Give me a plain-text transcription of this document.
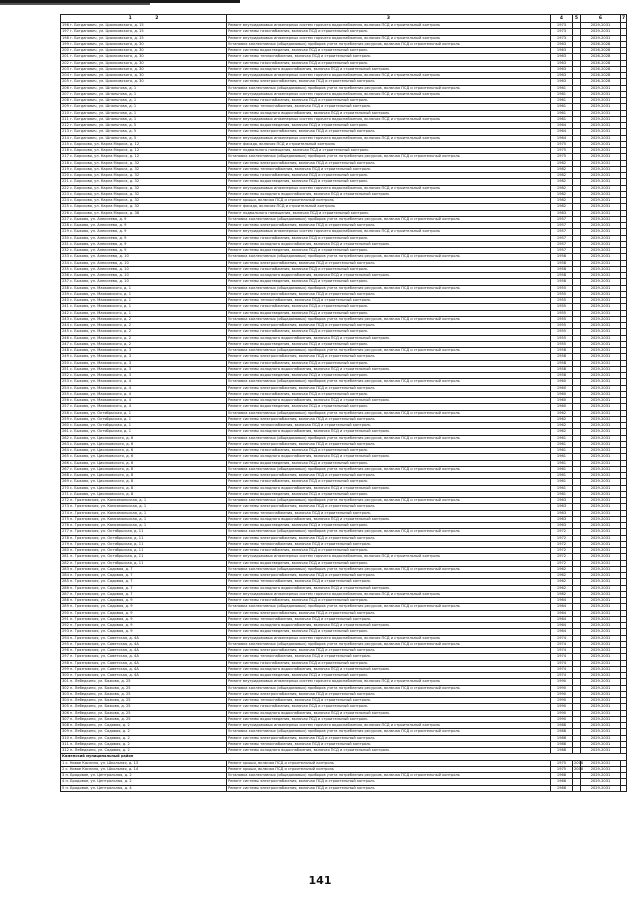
1 2	3	4	5	6	7
196 г. Богданович, ул. Циолковского, д. 15	Ремонт внутридомовых инженерных систем горячего водоснабжения, включая ПСД и строительный контроль	1973		2029-2031	
197 г. Богданович, ул. Циолковского, д. 15	Ремонт системы газоснабжения, включая ПСД и строительный контроль	1973		2029-2031	
198 г. Богданович, ул. Циолковского, д. 15	Ремонт внутридомовых инженерных систем горячего водоснабжения, включая ПСД и строительный контроль	1973		2029-2031	
199 г. Богданович, ул. Циолковского, д. 30	Установка коллективных (общедомовых) приборов учета потребления ресурсов, включая ПСД и строительный контроль	1963		2026-2028	
200 г. Богданович, ул. Циолковского, д. 30	Ремонт системы водоотведения, включая ПСД и строительный контроль	1963		2026-2028	
201 г. Богданович, ул. Циолковского, д. 30	Ремонт системы теплоснабжения, включая ПСД и строительный контроль	1963		2026-2028	
202 г. Богданович, ул. Циолковского, д. 30	Ремонт системы газоснабжения, включая ПСД и строительный контроль	1963		2026-2028	
203 г. Богданович, ул. Циолковского, д. 30	Ремонт системы холодного водоснабжения, включая ПСД и строительный контроль	1963		2026-2028	
204 г. Богданович, ул. Циолковского, д. 30	Ремонт внутридомовых инженерных систем горячего водоснабжения, включая ПСД и строительный контроль	1963		2026-2028	
205 г. Богданович, ул. Циолковского, д. 30	Ремонт системы электроснабжения, включая ПСД и строительный контроль	1963		2026-2028	
206 г. Богданович, ул. Шпаньгова, д. 1	Установка коллективных (общедомовых) приборов учета потребления ресурсов, включая ПСД и строительный контроль	1961		2029-2031	
207 г. Богданович, ул. Шпаньгова, д. 1	Ремонт внутридомовых инженерных систем горячего водоснабжения, включая ПСД и строительный контроль	1961		2029-2031	
208 г. Богданович, ул. Шпаньгова, д. 1	Ремонт системы газоснабжения, включая ПСД и строительный контроль	1961		2029-2031	
209 г. Богданович, ул. Шпаньгова, д. 1	Ремонт системы теплоснабжения, включая ПСД и строительный контроль	1961		2029-2031	
210 г. Богданович, ул. Шпаньгова, д. 1	Ремонт системы холодного водоснабжения, включая ПСД и строительный контроль	1961		2029-2031	
211 г. Богданович, ул. Шпаньгова, д. 1	Ремонт внутридомовых инженерных систем горячего водоснабжения, включая ПСД и строительный контроль	1961		2029-2031	
212 г. Богданович, ул. Шпаньгова, д. 5	Ремонт системы водоотведения, включая ПСД и строительный контроль	1964		2029-2031	
213 г. Богданович, ул. Шпаньгова, д. 5	Ремонт системы электроснабжения, включая ПСД и строительный контроль	1964		2029-2031	
214 г. Богданович, ул. Шпаньгова, д. 5	Ремонт внутридомовых инженерных систем горячего водоснабжения, включая ПСД и строительный контроль	1964		2029-2031	
215 с. Барсково, ул. Карла Маркса, д. 12	Ремонт фасада, включая ПСД и строительный контроль	1975		2029-2031	
216 с. Барсково, ул. Карла Маркса, д. 12	Ремонт подвального помещения, включая ПСД и строительный контроль	1975		2029-2031	
217 с. Барсково, ул. Карла Маркса, д. 12	Установка коллективных (общедомовых) приборов учета потребления ресурсов, включая ПСД и строительный контроль	1975		2029-2031	
218 с. Барсково, ул. Карла Маркса, д. 32	Ремонт системы электроснабжения, включая ПСД и строительный контроль	1982		2029-2031	
219 с. Барсково, ул. Карла Маркса, д. 32	Ремонт системы теплоснабжения, включая ПСД и строительный контроль	1982		2029-2031	
220 с. Барсково, ул. Карла Маркса, д. 32	Ремонт системы газоснабжения, включая ПСД и строительный контроль	1982		2029-2031	
221 с. Барсково, ул. Карла Маркса, д. 32	Ремонт системы водоотведения, включая ПСД и строительный контроль	1982		2029-2031	
222 с. Барсково, ул. Карла Маркса, д. 32	Ремонт внутридомовых инженерных систем горячего водоснабжения, включая ПСД и строительный контроль	1982		2029-2031	
223 с. Барсково, ул. Карла Маркса, д. 32	Ремонт системы холодного водоснабжения, включая ПСД и строительный контроль	1982		2029-2031	
224 с. Барсково, ул. Карла Маркса, д. 32	Ремонт крыши, включая ПСД и строительный контроль	1982		2029-2031	
225 с. Барсково, ул. Карла Маркса, д. 32	Ремонт фасада, включая ПСД и строительный контроль	1982		2029-2031	
226 с. Барсково, ул. Карла Маркса, д. 38	Ремонт подвального помещения, включая ПСД и строительный контроль	1983		2029-2031	
227 с. Быково, ул. Алексеева, д. 9	Установка коллективных (общедомовых) приборов учета потребления ресурсов, включая ПСД и строительный контроль	1957		2029-2031	
228 с. Быково, ул. Алексеева, д. 9	Ремонт системы электроснабжения, включая ПСД и строительный контроль	1957		2029-2031	
229 с. Быково, ул. Алексеева, д. 9	Ремонт внутридомовых инженерных систем горячего водоснабжения, включая ПСД и строительный контроль	1957		2029-2031	
230 с. Быково, ул. Алексеева, д. 9	Ремонт системы газоснабжения, включая ПСД и строительный контроль	1957		2029-2031	
231 с. Быково, ул. Алексеева, д. 9	Ремонт системы холодного водоснабжения, включая ПСД и строительный контроль	1957		2029-2031	
232 с. Быково, ул. Алексеева, д. 9	Ремонт системы водоотведения, включая ПСД и строительный контроль	1957		2029-2031	
233 с. Быково, ул. Алексеева, д. 10	Установка коллективных (общедомовых) приборов учета потребления ресурсов, включая ПСД и строительный контроль	1958		2029-2031	
234 с. Быково, ул. Алексеева, д. 10	Ремонт системы электроснабжения, включая ПСД и строительный контроль	1958		2029-2031	
235 с. Быково, ул. Алексеева, д. 10	Ремонт системы газоснабжения, включая ПСД и строительный контроль	1958		2029-2031	
236 с. Быково, ул. Алексеева, д. 10	Ремонт системы холодного водоснабжения, включая ПСД и строительный контроль	1958		2029-2031	
237 с. Быково, ул. Алексеева, д. 10	Ремонт системы водоотведения, включая ПСД и строительный контроль	1958		2029-2031	
238 с. Быково, ул. Маяковского, д. 1	Установка коллективных (общедомовых) приборов учета потребления ресурсов, включая ПСД и строительный контроль	1955		2029-2031	
239 с. Быково, ул. Маяковского, д. 1	Ремонт системы электроснабжения, включая ПСД и строительный контроль	1955		2029-2031	
240 с. Быково, ул. Маяковского, д. 1	Ремонт системы теплоснабжения, включая ПСД и строительный контроль	1955		2029-2031	
241 с. Быково, ул. Маяковского, д. 1	Ремонт системы газоснабжения, включая ПСД и строительный контроль	1955		2029-2031	
242 с. Быково, ул. Маяковского, д. 1	Ремонт системы водоотведения, включая ПСД и строительный контроль	1955		2029-2031	
243 с. Быково, ул. Маяковского, д. 2	Установка коллективных (общедомовых) приборов учета потребления ресурсов, включая ПСД и строительный контроль	1955		2029-2031	
244 с. Быково, ул. Маяковского, д. 2	Ремонт системы электроснабжения, включая ПСД и строительный контроль	1955		2029-2031	
245 с. Быково, ул. Маяковского, д. 2	Ремонт системы газоснабжения, включая ПСД и строительный контроль	1955		2029-2031	
246 с. Быково, ул. Маяковского, д. 2	Ремонт системы холодного водоснабжения, включая ПСД и строительный контроль	1955		2029-2031	
247 с. Быково, ул. Маяковского, д. 2	Ремонт системы водоотведения, включая ПСД и строительный контроль	1955		2029-2031	
248 с. Быково, ул. Маяковского, д. 3	Установка коллективных (общедомовых) приборов учета потребления ресурсов, включая ПСД и строительный контроль	1958		2029-2031	
249 с. Быково, ул. Маяковского, д. 3	Ремонт системы электроснабжения, включая ПСД и строительный контроль	1958		2029-2031	
250 с. Быково, ул. Маяковского, д. 3	Ремонт системы газоснабжения, включая ПСД и строительный контроль	1958		2029-2031	
251 с. Быково, ул. Маяковского, д. 3	Ремонт системы холодного водоснабжения, включая ПСД и строительный контроль	1958		2029-2031	
252 с. Быково, ул. Маяковского, д. 3	Ремонт системы водоотведения, включая ПСД и строительный контроль	1958		2029-2031	
253 с. Быково, ул. Маяковского, д. 4	Установка коллективных (общедомовых) приборов учета потребления ресурсов, включая ПСД и строительный контроль	1960		2029-2031	
254 с. Быково, ул. Маяковского, д. 4	Ремонт системы электроснабжения, включая ПСД и строительный контроль	1960		2029-2031	
255 с. Быково, ул. Маяковского, д. 4	Ремонт системы газоснабжения, включая ПСД и строительный контроль	1960		2029-2031	
256 с. Быково, ул. Маяковского, д. 4	Ремонт системы холодного водоснабжения, включая ПСД и строительный контроль	1960		2029-2031	
257 с. Быково, ул. Маяковского, д. 4	Ремонт системы водоотведения, включая ПСД и строительный контроль	1960		2029-2031	
258 с. Быково, ул. Октябрьская, д. 1	Установка коллективных (общедомовых) приборов учета потребления ресурсов, включая ПСД и строительный контроль	1962		2029-2031	
259 с. Быково, ул. Октябрьская, д. 1	Ремонт системы электроснабжения, включая ПСД и строительный контроль	1962		2029-2031	
260 с. Быково, ул. Октябрьская, д. 1	Ремонт системы теплоснабжения, включая ПСД и строительный контроль	1962		2029-2031	
261 с. Быково, ул. Октябрьская, д. 1	Ремонт системы холодного водоснабжения, включая ПСД и строительный контроль	1962		2029-2031	
262 с. Быково, ул. Циолковского, д. 6	Установка коллективных (общедомовых) приборов учета потребления ресурсов, включая ПСД и строительный контроль	1961		2029-2031	
263 с. Быково, ул. Циолковского, д. 6	Ремонт системы электроснабжения, включая ПСД и строительный контроль	1961		2029-2031	
264 с. Быково, ул. Циолковского, д. 6	Ремонт системы газоснабжения, включая ПСД и строительный контроль	1961		2029-2031	
265 с. Быково, ул. Циолковского, д. 6	Ремонт системы холодного водоснабжения, включая ПСД и строительный контроль	1961		2029-2031	
266 с. Быково, ул. Циолковского, д. 6	Ремонт системы водоотведения, включая ПСД и строительный контроль	1961		2029-2031	
267 с. Быково, ул. Циолковского, д. 8	Установка коллективных (общедомовых) приборов учета потребления ресурсов, включая ПСД и строительный контроль	1961		2029-2031	
268 с. Быково, ул. Циолковского, д. 8	Ремонт системы электроснабжения, включая ПСД и строительный контроль	1961		2029-2031	
269 с. Быково, ул. Циолковского, д. 8	Ремонт системы газоснабжения, включая ПСД и строительный контроль	1961		2029-2031	
270 с. Быково, ул. Циолковского, д. 8	Ремонт системы холодного водоснабжения, включая ПСД и строительный контроль	1961		2029-2031	
271 с. Быково, ул. Циолковского, д. 8	Ремонт системы водоотведения, включая ПСД и строительный контроль	1961		2029-2031	
272 п. Грязновская, ул. Комсомольская, д. 1	Установка коллективных (общедомовых) приборов учета потребления ресурсов, включая ПСД и строительный контроль	1963		2029-2031	
273 п. Грязновская, ул. Комсомольская, д. 1	Ремонт системы электроснабжения, включая ПСД и строительный контроль	1963		2029-2031	
274 п. Грязновская, ул. Комсомольская, д. 1	Ремонт системы теплоснабжения, включая ПСД и строительный контроль	1963		2029-2031	
275 п. Грязновская, ул. Комсомольская, д. 1	Ремонт системы холодного водоснабжения, включая ПСД и строительный контроль	1963		2029-2031	
276 п. Грязновская, ул. Комсомольская, д. 1	Ремонт системы водоотведения, включая ПСД и строительный контроль	1963		2029-2031	
277 п. Грязновская, ул. Октябрьская, д. 11	Установка коллективных (общедомовых) приборов учета потребления ресурсов, включая ПСД и строительный контроль	1972		2029-2031	
278 п. Грязновская, ул. Октябрьская, д. 11	Ремонт системы электроснабжения, включая ПСД и строительный контроль	1972		2029-2031	
279 п. Грязновская, ул. Октябрьская, д. 11	Ремонт системы теплоснабжения, включая ПСД и строительный контроль	1972		2029-2031	
280 п. Грязновская, ул. Октябрьская, д. 11	Ремонт системы газоснабжения, включая ПСД и строительный контроль	1972		2029-2031	
281 п. Грязновская, ул. Октябрьская, д. 11	Ремонт внутридомовых инженерных систем горячего водоснабжения, включая ПСД и строительный контроль	1972		2029-2031	
282 п. Грязновская, ул. Октябрьская, д. 11	Ремонт системы водоотведения, включая ПСД и строительный контроль	1972		2029-2031	
283 п. Грязновская, ул. Садовая, д. 7	Установка коллективных (общедомовых) приборов учета потребления ресурсов, включая ПСД и строительный контроль	1962		2029-2031	
284 п. Грязновская, ул. Садовая, д. 7	Ремонт системы электроснабжения, включая ПСД и строительный контроль	1962		2029-2031	
285 п. Грязновская, ул. Садовая, д. 7	Ремонт системы теплоснабжения, включая ПСД и строительный контроль	1962		2029-2031	
286 п. Грязновская, ул. Садовая, д. 7	Ремонт системы холодного водоснабжения, включая ПСД и строительный контроль	1962		2029-2031	
287 п. Грязновская, ул. Садовая, д. 7	Ремонт внутридомовых инженерных систем горячего водоснабжения, включая ПСД и строительный контроль	1962		2029-2031	
288 п. Грязновская, ул. Садовая, д. 9	Ремонт системы газоснабжения, включая ПСД и строительный контроль	1964		2029-2031	
289 п. Грязновская, ул. Садовая, д. 9	Установка коллективных (общедомовых) приборов учета потребления ресурсов, включая ПСД и строительный контроль	1964		2029-2031	
290 п. Грязновская, ул. Садовая, д. 9	Ремонт системы электроснабжения, включая ПСД и строительный контроль	1964		2029-2031	
291 п. Грязновская, ул. Садовая, д. 9	Ремонт системы теплоснабжения, включая ПСД и строительный контроль	1964		2029-2031	
292 п. Грязновская, ул. Садовая, д. 9	Ремонт системы холодного водоснабжения, включая ПСД и строительный контроль	1964		2029-2031	
293 п. Грязновская, ул. Садовая, д. 9	Ремонт системы водоотведения, включая ПСД и строительный контроль	1964		2029-2031	
294 п. Грязновская, ул. Советская, д. 4А	Ремонт внутридомовых инженерных систем горячего водоснабжения, включая ПСД и строительный контроль	1974		2029-2031	
295 п. Грязновская, ул. Советская, д. 4А	Установка коллективных (общедомовых) приборов учета потребления ресурсов, включая ПСД и строительный контроль	1974		2029-2031	
296 п. Грязновская, ул. Советская, д. 4А	Ремонт системы электроснабжения, включая ПСД и строительный контроль	1974		2029-2031	
297 п. Грязновская, ул. Советская, д. 4А	Ремонт системы теплоснабжения, включая ПСД и строительный контроль	1974		2029-2031	
298 п. Грязновская, ул. Советская, д. 4А	Ремонт системы газоснабжения, включая ПСД и строительный контроль	1974		2029-2031	
299 п. Грязновская, ул. Советская, д. 4А	Ремонт системы холодного водоснабжения, включая ПСД и строительный контроль	1974		2029-2031	
300 п. Грязновская, ул. Советская, д. 4А	Ремонт системы водоотведения, включая ПСД и строительный контроль	1974		2029-2031	
301 п. Лебедкино, ул. Бажова, д. 25	Ремонт внутридомовых инженерных систем горячего водоснабжения, включая ПСД и строительный контроль	1990		2029-2031	
302 п. Лебедкино, ул. Бажова, д. 25	Установка коллективных (общедомовых) приборов учета потребления ресурсов, включая ПСД и строительный контроль	1990		2029-2031	
303 п. Лебедкино, ул. Бажова, д. 25	Ремонт системы электроснабжения, включая ПСД и строительный контроль	1990		2029-2031	
304 п. Лебедкино, ул. Бажова, д. 25	Ремонт системы теплоснабжения, включая ПСД и строительный контроль	1990		2029-2031	
305 п. Лебедкино, ул. Бажова, д. 25	Ремонт системы газоснабжения, включая ПСД и строительный контроль	1990		2029-2031	
306 п. Лебедкино, ул. Бажова, д. 25	Ремонт системы холодного водоснабжения, включая ПСД и строительный контроль	1990		2029-2031	
307 п. Лебедкино, ул. Бажова, д. 25	Ремонт системы водоотведения, включая ПСД и строительный контроль	1990		2029-2031	
308 п. Лебедкино, ул. Садовая, д. 2	Ремонт внутридомовых инженерных систем горячего водоснабжения, включая ПСД и строительный контроль	1988		2029-2031	
309 п. Лебедкино, ул. Садовая, д. 2	Установка коллективных (общедомовых) приборов учета потребления ресурсов, включая ПСД и строительный контроль	1988		2029-2031	
310 п. Лебедкино, ул. Садовая, д. 2	Ремонт системы электроснабжения, включая ПСД и строительный контроль	1988		2029-2031	
311 п. Лебедкино, ул. Садовая, д. 2	Ремонт системы теплоснабжения, включая ПСД и строительный контроль	1988		2029-2031	
312 п. Лебедкино, ул. Садовая, д. 2	Ремонт системы холодного водоснабжения, включая ПСД и строительный контроль	1988		2029-2031	
Каменский муниципальный район					
1 с. Новое Каслино, ул. Школьная, д. 13	Ремонт крыши, включая ПСД и строительный контроль	1975	2008	2029-2031	
2 с. Новое Каслино, ул. Школьная, д. 14	Ремонт крыши, включая ПСД и строительный контроль	1975	2008	2029-2031	
3 п. Бродовое, ул. Центральная, д. 2	Установка коллективных (общедомовых) приборов учета потребления ресурсов, включая ПСД и строительный контроль	1968		2029-2031	
4 п. Бродовое, ул. Центральная, д. 2	Ремонт системы электроснабжения, включая ПСД и строительный контроль	1968		2029-2031	
5 п. Бродовое, ул. Центральная, д. 4	Ремонт системы электроснабжения, включая ПСД и строительный контроль	1968		2029-2031	
141
